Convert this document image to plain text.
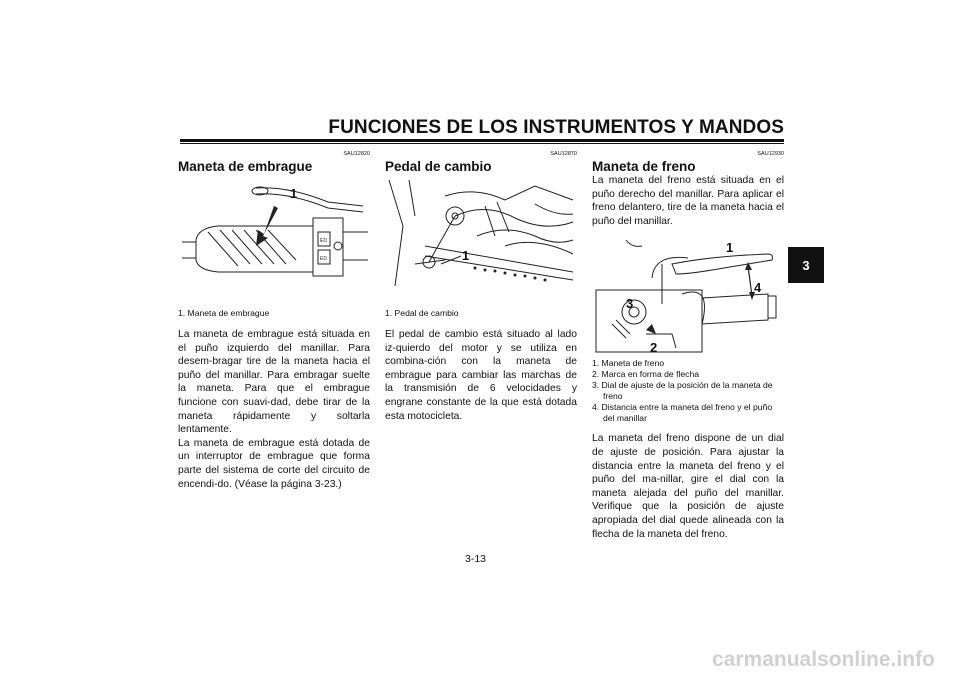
FUNCIONES DE LOS INSTRUMENTOS Y MANDOS
3
SAU12820
Maneta de embrague
1
ED
ED
1. Maneta de embrague

La maneta de embrague está situada en el puño izquierdo del manillar. Para desem-bragar tire de la maneta hacia el puño del manillar. Para embragar suelte la maneta. Para que el embrague funcione con suavi-dad, debe tirar de la maneta rápidamente y soltarla lentamente.

La maneta de embrague está dotada de un interruptor de embrague que forma parte del sistema de corte del circuito de encendi-do. (Véase la página 3-23.)

SAU12870
Pedal de cambio
1
1. Pedal de cambio

El pedal de cambio está situado al lado iz-quierdo del motor y se utiliza en combina-ción con la maneta de embrague para cambiar las marchas de la transmisión de 6 velocidades y engrane constante de la que está dotada esta motocicleta.

SAU12930
Maneta de freno

La maneta del freno está situada en el puño derecho del manillar. Para aplicar el freno delantero, tire de la maneta hacia el puño del manillar.

1
4
3
2
1. Maneta de freno
2. Marca en forma de flecha
3. Dial de ajuste de la posición de la maneta de freno
4. Distancia entre la maneta del freno y el puño del manillar

La maneta del freno dispone de un dial de ajuste de posición. Para ajustar la distancia entre la maneta del freno y el puño del ma-nillar, gire el dial con la maneta alejada del puño del manillar. Verifique que la posición de ajuste apropiada del dial quede alineada con la flecha de la maneta del freno.

3-13
carmanualsonline.info
